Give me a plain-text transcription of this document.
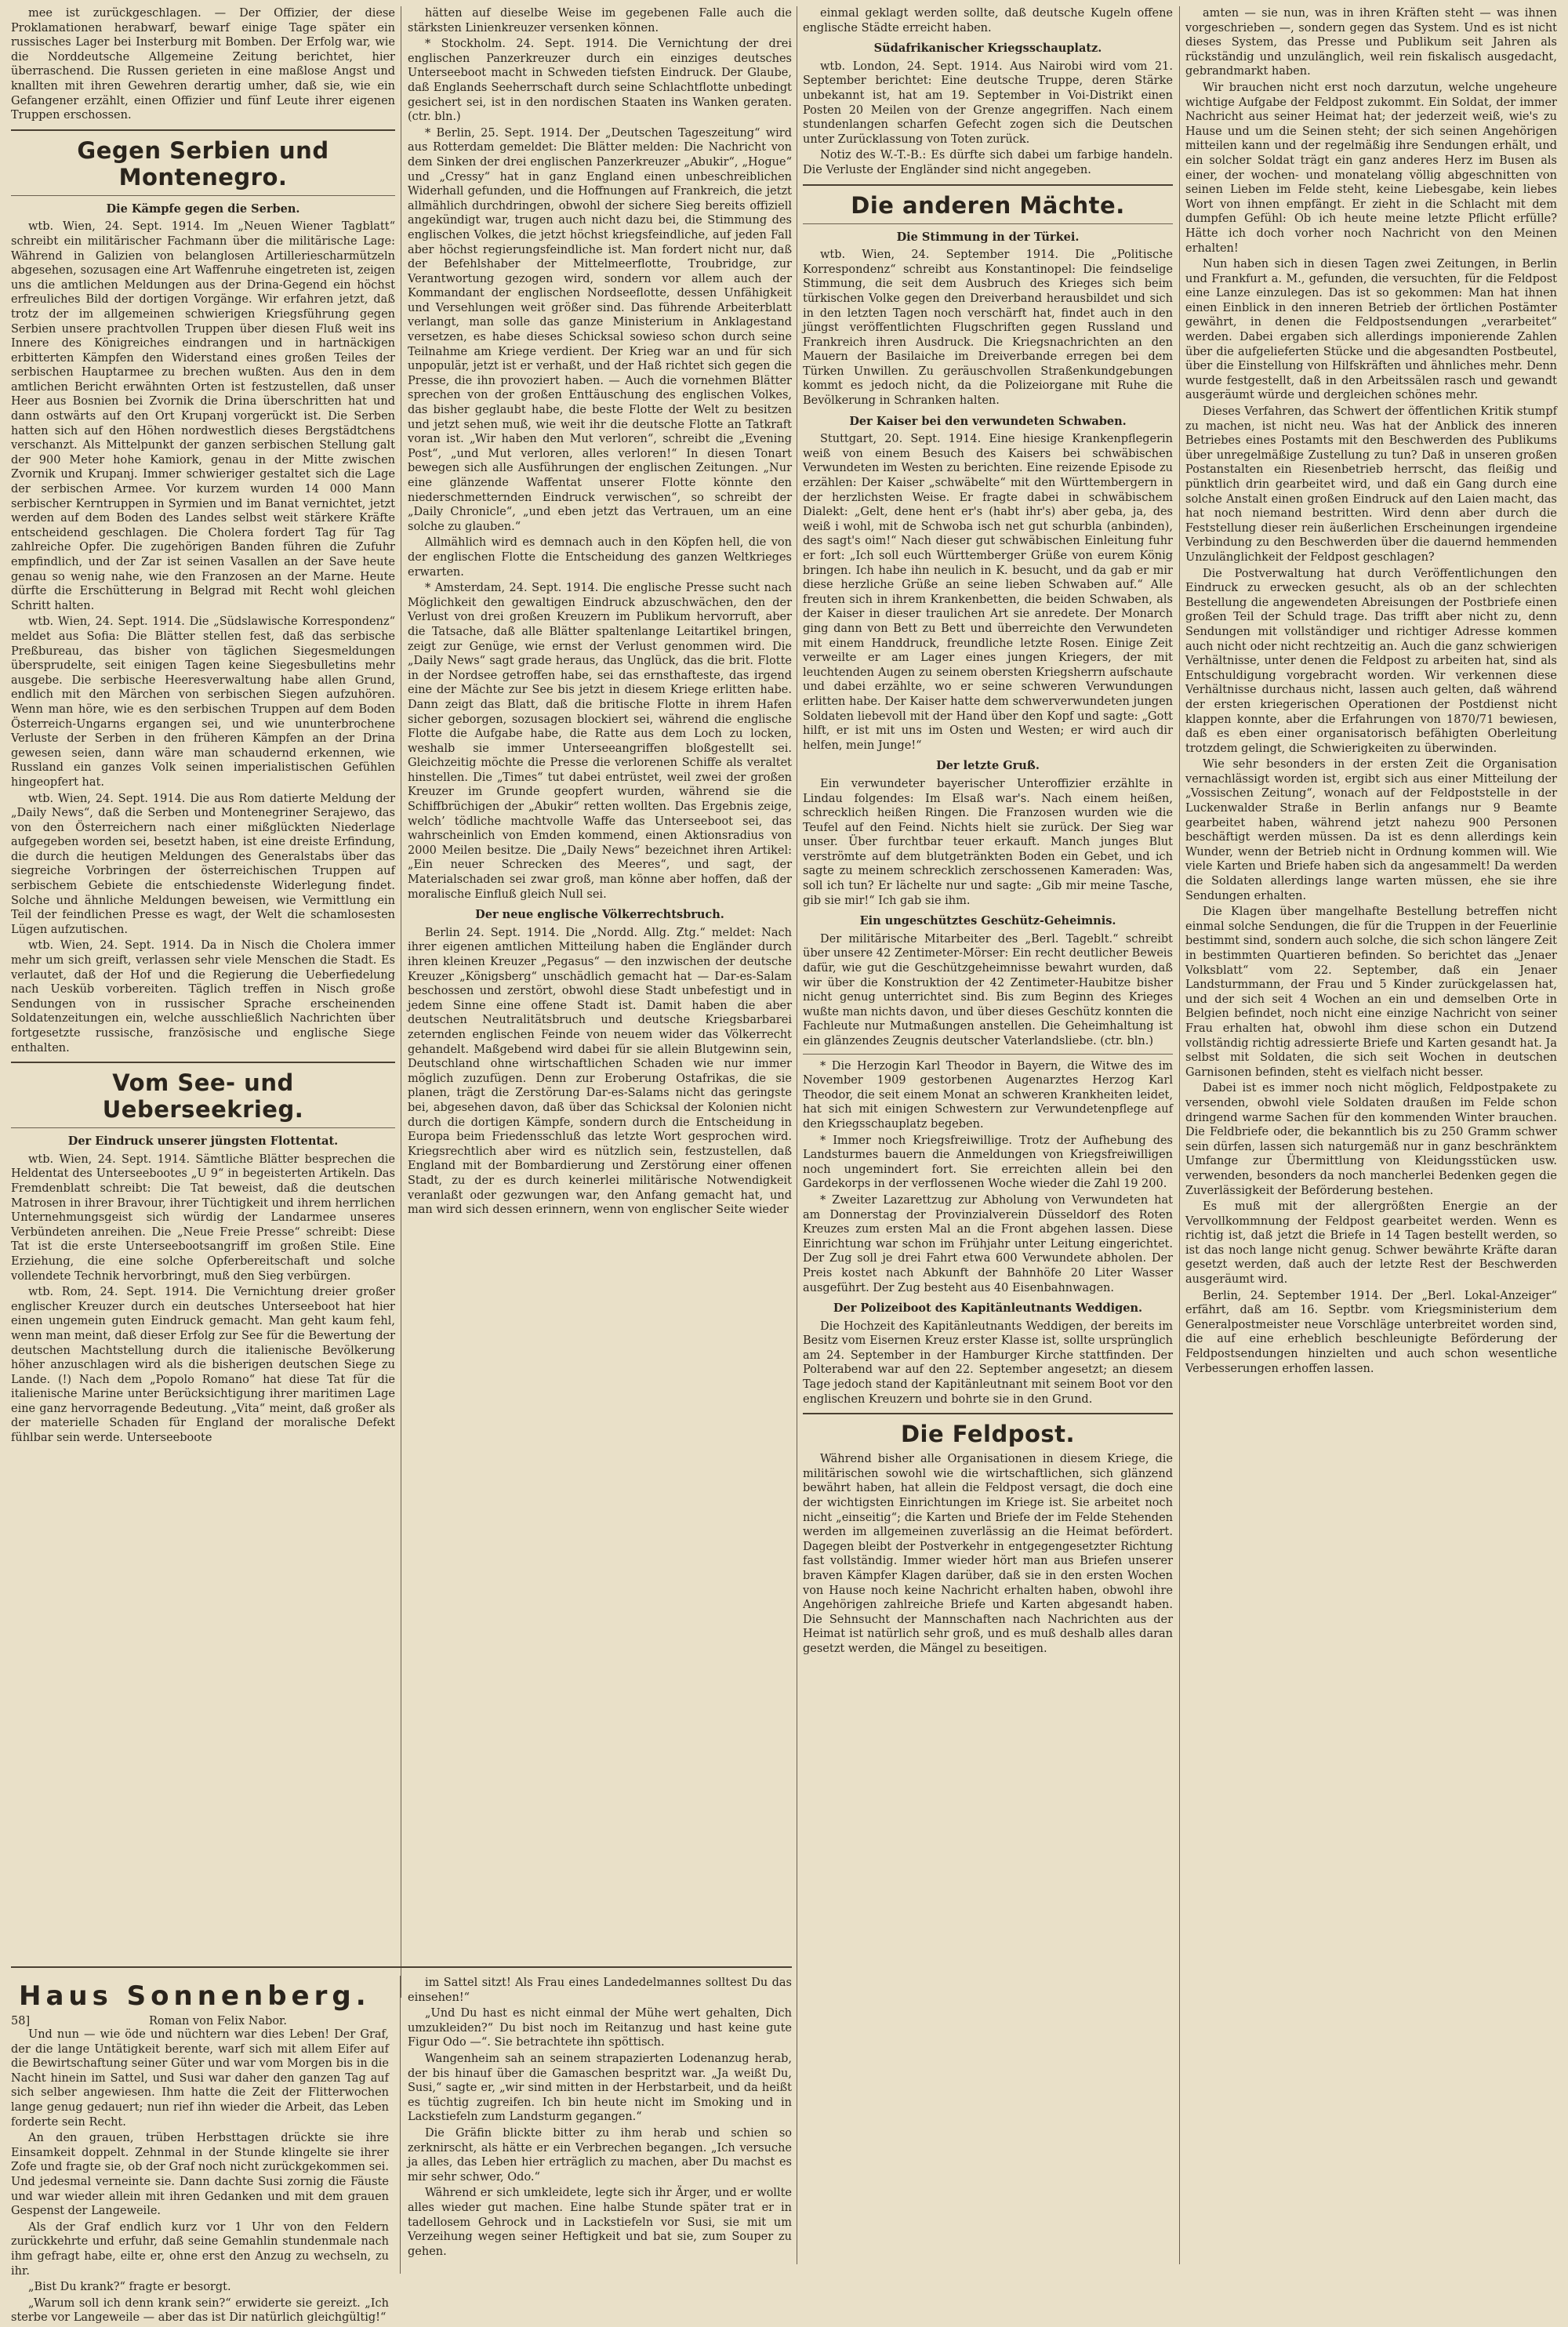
mee ist zurückgeschlagen. — Der Offizier, der diese Proklamationen herabwarf, bewarf einige Tage später ein russisches Lager bei Insterburg mit Bomben. Der Erfolg war, wie die Norddeutsche Allgemeine Zeitung berichtet, hier überraschend. Die Russen gerieten in eine maßlose Angst und knallten mit ihren Gewehren derartig umher, daß sie, wie ein Gefangener erzählt, einen Offizier und fünf Leute ihrer eigenen Truppen erschossen.

Gegen Serbien und Montenegro.
Die Kämpfe gegen die Serben.

wtb. Wien, 24. Sept. 1914. Im „Neuen Wiener Tagblatt“ schreibt ein militärischer Fachmann über die militärische Lage: Während in Galizien von belanglosen Artilleriescharmützeln abgesehen, sozusagen eine Art Waffenruhe eingetreten ist, zeigen uns die amtlichen Meldungen aus der Drina-Gegend ein höchst erfreuliches Bild der dortigen Vorgänge. Wir erfahren jetzt, daß trotz der im allgemeinen schwierigen Kriegsführung gegen Serbien unsere prachtvollen Truppen über diesen Fluß weit ins Innere des Königreiches eindrangen und in hartnäckigen erbitterten Kämpfen den Widerstand eines großen Teiles der serbischen Hauptarmee zu brechen wußten. Aus den in dem amtlichen Bericht erwähnten Orten ist festzustellen, daß unser Heer aus Bosnien bei Zvornik die Drina überschritten hat und dann ostwärts auf den Ort Krupanj vorgerückt ist. Die Serben hatten sich auf den Höhen nordwestlich dieses Bergstädtchens verschanzt. Als Mittelpunkt der ganzen serbischen Stellung galt der 900 Meter hohe Kamiork, genau in der Mitte zwischen Zvornik und Krupanj. Immer schwieriger gestaltet sich die Lage der serbischen Armee. Vor kurzem wurden 14 000 Mann serbischer Kerntruppen in Syrmien und im Banat vernichtet, jetzt werden auf dem Boden des Landes selbst weit stärkere Kräfte entscheidend geschlagen. Die Cholera fordert Tag für Tag zahlreiche Opfer. Die zugehörigen Banden führen die Zufuhr empfindlich, und der Zar ist seinen Vasallen an der Save heute genau so wenig nahe, wie den Franzosen an der Marne. Heute dürfte die Erschütterung in Belgrad mit Recht wohl gleichen Schritt halten.

wtb. Wien, 24. Sept. 1914. Die „Südslawische Korrespondenz“ meldet aus Sofia: Die Blätter stellen fest, daß das serbische Preßbureau, das bisher von täglichen Siegesmeldungen übersprudelte, seit einigen Tagen keine Siegesbulletins mehr ausgebe. Die serbische Heeresverwaltung habe allen Grund, endlich mit den Märchen von serbischen Siegen aufzuhören. Wenn man höre, wie es den serbischen Truppen auf dem Boden Österreich-Ungarns ergangen sei, und wie ununterbrochene Verluste der Serben in den früheren Kämpfen an der Drina gewesen seien, dann wäre man schaudernd erkennen, wie Russland ein ganzes Volk seinen imperialistischen Gefühlen hingeopfert hat.

wtb. Wien, 24. Sept. 1914. Die aus Rom datierte Meldung der „Daily News“, daß die Serben und Montenegriner Serajewo, das von den Österreichern nach einer mißglückten Niederlage aufgegeben worden sei, besetzt haben, ist eine dreiste Erfindung, die durch die heutigen Meldungen des Generalstabs über das siegreiche Vorbringen der österreichischen Truppen auf serbischem Gebiete die entschiedenste Widerlegung findet. Solche und ähnliche Meldungen beweisen, wie Vermittlung ein Teil der feindlichen Presse es wagt, der Welt die schamlosesten Lügen aufzutischen.

wtb. Wien, 24. Sept. 1914. Da in Nisch die Cholera immer mehr um sich greift, verlassen sehr viele Menschen die Stadt. Es verlautet, daß der Hof und die Regierung die Ueberfiedelung nach Uesküb vorbereiten. Täglich treffen in Nisch große Sendungen von in russischer Sprache erscheinenden Soldatenzeitungen ein, welche ausschließlich Nachrichten über fortgesetzte russische, französische und englische Siege enthalten.

Vom See- und Ueberseekrieg.
Der Eindruck unserer jüngsten Flottentat.

wtb. Wien, 24. Sept. 1914. Sämtliche Blätter besprechen die Heldentat des Unterseebootes „U 9“ in begeisterten Artikeln. Das Fremdenblatt schreibt: Die Tat beweist, daß die deutschen Matrosen in ihrer Bravour, ihrer Tüchtigkeit und ihrem herrlichen Unternehmungsgeist sich würdig der Landarmee unseres Verbündeten anreihen. Die „Neue Freie Presse“ schreibt: Diese Tat ist die erste Unterseebootsangriff im großen Stile. Eine Erziehung, die eine solche Opferbereitschaft und solche vollendete Technik hervorbringt, muß den Sieg verbürgen.

wtb. Rom, 24. Sept. 1914. Die Vernichtung dreier großer englischer Kreuzer durch ein deutsches Unterseeboot hat hier einen ungemein guten Eindruck gemacht. Man geht kaum fehl, wenn man meint, daß dieser Erfolg zur See für die Bewertung der deutschen Machtstellung durch die italienische Bevölkerung höher anzuschlagen wird als die bisherigen deutschen Siege zu Lande. (!) Nach dem „Popolo Romano“ hat diese Tat für die italienische Marine unter Berücksichtigung ihrer maritimen Lage eine ganz hervorragende Bedeutung. „Vita“ meint, daß großer als der materielle Schaden für England der moralische Defekt fühlbar sein werde. Unterseeboote

hätten auf dieselbe Weise im gegebenen Falle auch die stärksten Linienkreuzer versenken können.

* Stockholm. 24. Sept. 1914. Die Vernichtung der drei englischen Panzerkreuzer durch ein einziges deutsches Unterseeboot macht in Schweden tiefsten Eindruck. Der Glaube, daß Englands Seeherrschaft durch seine Schlachtflotte unbedingt gesichert sei, ist in den nordischen Staaten ins Wanken geraten. (ctr. bln.)

* Berlin, 25. Sept. 1914. Der „Deutschen Tageszeitung“ wird aus Rotterdam gemeldet: Die Blätter melden: Die Nachricht von dem Sinken der drei englischen Panzerkreuzer „Abukir“, „Hogue“ und „Cressy“ hat in ganz England einen unbeschreiblichen Widerhall gefunden, und die Hoffnungen auf Frankreich, die jetzt allmählich durchdringen, obwohl der sichere Sieg bereits offiziell angekündigt war, trugen auch nicht dazu bei, die Stimmung des englischen Volkes, die jetzt höchst kriegsfeindliche, auf jeden Fall aber höchst regierungsfeindliche ist. Man fordert nicht nur, daß der Befehlshaber der Mittelmeerflotte, Troubridge, zur Verantwortung gezogen wird, sondern vor allem auch der Kommandant der englischen Nordseeflotte, dessen Unfähigkeit und Versehlungen weit größer sind. Das führende Arbeiterblatt verlangt, man solle das ganze Ministerium in Anklagestand versetzen, es habe dieses Schicksal sowieso schon durch seine Teilnahme am Kriege verdient. Der Krieg war an und für sich unpopulär, jetzt ist er verhaßt, und der Haß richtet sich gegen die Presse, die ihn provoziert haben. — Auch die vornehmen Blätter sprechen von der großen Enttäuschung des englischen Volkes, das bisher geglaubt habe, die beste Flotte der Welt zu besitzen und jetzt sehen muß, wie weit ihr die deutsche Flotte an Tatkraft voran ist. „Wir haben den Mut verloren“, schreibt die „Evening Post“, „und Mut verloren, alles verloren!“ In diesen Tonart bewegen sich alle Ausführungen der englischen Zeitungen. „Nur eine glänzende Waffentat unserer Flotte könnte den niederschmetternden Eindruck verwischen“, so schreibt der „Daily Chronicle“, „und eben jetzt das Vertrauen, um an eine solche zu glauben.“

Allmählich wird es demnach auch in den Köpfen hell, die von der englischen Flotte die Entscheidung des ganzen Weltkrieges erwarten.

* Amsterdam, 24. Sept. 1914. Die englische Presse sucht nach Möglichkeit den gewaltigen Eindruck abzuschwächen, den der Verlust von drei großen Kreuzern im Publikum hervorruft, aber die Tatsache, daß alle Blätter spaltenlange Leitartikel bringen, zeigt zur Genüge, wie ernst der Verlust genommen wird. Die „Daily News“ sagt grade heraus, das Unglück, das die brit. Flotte in der Nordsee getroffen habe, sei das ernsthafteste, das irgend eine der Mächte zur See bis jetzt in diesem Kriege erlitten habe. Dann zeigt das Blatt, daß die britische Flotte in ihrem Hafen sicher geborgen, sozusagen blockiert sei, während die englische Flotte die Aufgabe habe, die Ratte aus dem Loch zu locken, weshalb sie immer Unterseeangriffen bloßgestellt sei. Gleichzeitig möchte die Presse die verlorenen Schiffe als veraltet hinstellen. Die „Times“ tut dabei entrüstet, weil zwei der großen Kreuzer im Grunde geopfert wurden, während sie die Schiffbrüchigen der „Abukir“ retten wollten. Das Ergebnis zeige, welch’ tödliche machtvolle Waffe das Unterseeboot sei, das wahrscheinlich von Emden kommend, einen Aktionsradius von 2000 Meilen besitze. Die „Daily News“ bezeichnet ihren Artikel: „Ein neuer Schrecken des Meeres“, und sagt, der Materialschaden sei zwar groß, man könne aber hoffen, daß der moralische Einfluß gleich Null sei.

Der neue englische Völkerrechtsbruch.

Berlin 24. Sept. 1914. Die „Nordd. Allg. Ztg.“ meldet: Nach ihrer eigenen amtlichen Mitteilung haben die Engländer durch ihren kleinen Kreuzer „Pegasus“ — den inzwischen der deutsche Kreuzer „Königsberg“ unschädlich gemacht hat — Dar-es-Salam beschossen und zerstört, obwohl diese Stadt unbefestigt und in jedem Sinne eine offene Stadt ist. Damit haben die aber deutschen Neutralitätsbruch und deutsche Kriegsbarbarei zeternden englischen Feinde von neuem wider das Völkerrecht gehandelt. Maßgebend wird dabei für sie allein Blutgewinn sein, Deutschland ohne wirtschaftlichen Schaden wie nur immer möglich zuzufügen. Denn zur Eroberung Ostafrikas, die sie planen, trägt die Zerstörung Dar-es-Salams nicht das geringste bei, abgesehen davon, daß über das Schicksal der Kolonien nicht durch die dortigen Kämpfe, sondern durch die Entscheidung in Europa beim Friedensschluß das letzte Wort gesprochen wird. Kriegsrechtlich aber wird es nützlich sein, festzustellen, daß England mit der Bombardierung und Zerstörung einer offenen Stadt, zu der es durch keinerlei militärische Notwendigkeit veranlaßt oder gezwungen war, den Anfang gemacht hat, und man wird sich dessen erinnern, wenn von englischer Seite wieder

einmal geklagt werden sollte, daß deutsche Kugeln offene englische Städte erreicht haben.

Südafrikanischer Kriegsschauplatz.

wtb. London, 24. Sept. 1914. Aus Nairobi wird vom 21. September berichtet: Eine deutsche Truppe, deren Stärke unbekannt ist, hat am 19. September in Voi-Distrikt einen Posten 20 Meilen von der Grenze angegriffen. Nach einem stundenlangen scharfen Gefecht zogen sich die Deutschen unter Zurücklassung von Toten zurück.

Notiz des W.-T.-B.: Es dürfte sich dabei um farbige handeln. Die Verluste der Engländer sind nicht angegeben.

Die anderen Mächte.
Die Stimmung in der Türkei.

wtb. Wien, 24. September 1914. Die „Politische Korrespondenz“ schreibt aus Konstantinopel: Die feindselige Stimmung, die seit dem Ausbruch des Krieges sich beim türkischen Volke gegen den Dreiverband herausbildet und sich in den letzten Tagen noch verschärft hat, findet auch in den jüngst veröffentlichten Flugschriften gegen Russland und Frankreich ihren Ausdruck. Die Kriegsnachrichten an den Mauern der Basilaiche im Dreiverbande erregen bei dem Türken Unwillen. Zu geräuschvollen Straßenkundgebungen kommt es jedoch nicht, da die Polizeiorgane mit Ruhe die Bevölkerung in Schranken halten.

Der Kaiser bei den verwundeten Schwaben.

Stuttgart, 20. Sept. 1914. Eine hiesige Krankenpflegerin weiß von einem Besuch des Kaisers bei schwäbischen Verwundeten im Westen zu berichten. Eine reizende Episode zu erzählen: Der Kaiser „schwäbelte“ mit den Württembergern in der herzlichsten Weise. Er fragte dabei in schwäbischem Dialekt: „Gelt, dene hent er's (habt ihr's) aber geba, ja, des weiß i wohl, mit de Schwoba isch net gut schurbla (anbinden), des sagt's oim!“ Nach dieser gut schwäbischen Einleitung fuhr er fort: „Ich soll euch Württemberger Grüße von eurem König bringen. Ich habe ihn neulich in K. besucht, und da gab er mir diese herzliche Grüße an seine lieben Schwaben auf.“ Alle freuten sich in ihrem Krankenbetten, die beiden Schwaben, als der Kaiser in dieser traulichen Art sie anredete. Der Monarch ging dann von Bett zu Bett und überreichte den Verwundeten mit einem Handdruck, freundliche letzte Rosen. Einige Zeit verweilte er am Lager eines jungen Kriegers, der mit leuchtenden Augen zu seinem obersten Kriegsherrn aufschaute und dabei erzählte, wo er seine schweren Verwundungen erlitten habe. Der Kaiser hatte dem schwerverwundeten jungen Soldaten liebevoll mit der Hand über den Kopf und sagte: „Gott hilft, er ist mit uns im Osten und Westen; er wird auch dir helfen, mein Junge!“

Der letzte Gruß.

Ein verwundeter bayerischer Unteroffizier erzählte in Lindau folgendes: Im Elsaß war's. Nach einem heißen, schrecklich heißen Ringen. Die Franzosen wurden wie die Teufel auf den Feind. Nichts hielt sie zurück. Der Sieg war unser. Über furchtbar teuer erkauft. Manch junges Blut verströmte auf dem blutgetränkten Boden ein Gebet, und ich sagte zu meinem schrecklich zerschossenen Kameraden: Was, soll ich tun? Er lächelte nur und sagte: „Gib mir meine Tasche, gib sie mir!“ Ich gab sie ihm.

Ein ungeschütztes Geschütz-Geheimnis.

Der militärische Mitarbeiter des „Berl. Tageblt.“ schreibt über unsere 42 Zentimeter-Mörser: Ein recht deutlicher Beweis dafür, wie gut die Geschützgeheimnisse bewahrt wurden, daß wir über die Konstruktion der 42 Zentimeter-Haubitze bisher nicht genug unterrichtet sind. Bis zum Beginn des Krieges wußte man nichts davon, und über dieses Geschütz konnten die Fachleute nur Mutmaßungen anstellen. Die Geheimhaltung ist ein glänzendes Zeugnis deutscher Vaterlandsliebe. (ctr. bln.)

* Die Herzogin Karl Theodor in Bayern, die Witwe des im November 1909 gestorbenen Augenarztes Herzog Karl Theodor, die seit einem Monat an schweren Krankheiten leidet, hat sich mit einigen Schwestern zur Verwundetenpflege auf den Kriegsschauplatz begeben.

* Immer noch Kriegsfreiwillige. Trotz der Aufhebung des Landsturmes bauern die Anmeldungen von Kriegsfreiwilligen noch ungemindert fort. Sie erreichten allein bei den Gardekorps in der verflossenen Woche wieder die Zahl 19 200.

* Zweiter Lazarettzug zur Abholung von Verwundeten hat am Donnerstag der Provinzialverein Düsseldorf des Roten Kreuzes zum ersten Mal an die Front abgehen lassen. Diese Einrichtung war schon im Frühjahr unter Leitung eingerichtet. Der Zug soll je drei Fahrt etwa 600 Verwundete abholen. Der Preis kostet nach Abkunft der Bahnhöfe 20 Liter Wasser ausgeführt. Der Zug besteht aus 40 Eisenbahnwagen.

Der Polizeiboot des Kapitänleutnants Weddigen.

Die Hochzeit des Kapitänleutnants Weddigen, der bereits im Besitz vom Eisernen Kreuz erster Klasse ist, sollte ursprünglich am 24. September in der Hamburger Kirche stattfinden. Der Polterabend war auf den 22. September angesetzt; an diesem Tage jedoch stand der Kapitänleutnant mit seinem Boot vor den englischen Kreuzern und bohrte sie in den Grund.

Die Feldpost.

Während bisher alle Organisationen in diesem Kriege, die militärischen sowohl wie die wirtschaftlichen, sich glänzend bewährt haben, hat allein die Feldpost versagt, die doch eine der wichtigsten Einrichtungen im Kriege ist. Sie arbeitet noch nicht „einseitig“; die Karten und Briefe der im Felde Stehenden werden im allgemeinen zuverlässig an die Heimat befördert. Dagegen bleibt der Postverkehr in entgegengesetzter Richtung fast vollständig. Immer wieder hört man aus Briefen unserer braven Kämpfer Klagen darüber, daß sie in den ersten Wochen von Hause noch keine Nachricht erhalten haben, obwohl ihre Angehörigen zahlreiche Briefe und Karten abgesandt haben. Die Sehnsucht der Mannschaften nach Nachrichten aus der Heimat ist natürlich sehr groß, und es muß deshalb alles daran gesetzt werden, die Mängel zu beseitigen.

amten — sie nun, was in ihren Kräften steht — was ihnen vorgeschrieben —, sondern gegen das System. Und es ist nicht dieses System, das Presse und Publikum seit Jahren als rückständig und unzulänglich, weil rein fiskalisch ausgedacht, gebrandmarkt haben.

Wir brauchen nicht erst noch darzutun, welche ungeheure wichtige Aufgabe der Feldpost zukommt. Ein Soldat, der immer Nachricht aus seiner Heimat hat; der jederzeit weiß, wie's zu Hause und um die Seinen steht; der sich seinen Angehörigen mitteilen kann und der regelmäßig ihre Sendungen erhält, und ein solcher Soldat trägt ein ganz anderes Herz im Busen als einer, der wochen- und monatelang völlig abgeschnitten von seinen Lieben im Felde steht, keine Liebesgabe, kein liebes Wort von ihnen empfängt. Er zieht in die Schlacht mit dem dumpfen Gefühl: Ob ich heute meine letzte Pflicht erfülle? Hätte ich doch vorher noch Nachricht von den Meinen erhalten!

Nun haben sich in diesen Tagen zwei Zeitungen, in Berlin und Frankfurt a. M., gefunden, die versuchten, für die Feldpost eine Lanze einzulegen. Das ist so gekommen: Man hat ihnen einen Einblick in den inneren Betrieb der örtlichen Postämter gewährt, in denen die Feldpostsendungen „verarbeitet“ werden. Dabei ergaben sich allerdings imponierende Zahlen über die aufgelieferten Stücke und die abgesandten Postbeutel, über die Einstellung von Hilfskräften und ähnliches mehr. Denn wurde festgestellt, daß in den Arbeitssälen rasch und gewandt ausgeräumt würde und dergleichen schönes mehr.

Dieses Verfahren, das Schwert der öffentlichen Kritik stumpf zu machen, ist nicht neu. Was hat der Anblick des inneren Betriebes eines Postamts mit den Beschwerden des Publikums über unregelmäßige Zustellung zu tun? Daß in unseren großen Postanstalten ein Riesenbetrieb herrscht, das fleißig und pünktlich drin gearbeitet wird, und daß ein Gang durch eine solche Anstalt einen großen Eindruck auf den Laien macht, das hat noch niemand bestritten. Wird denn aber durch die Feststellung dieser rein äußerlichen Erscheinungen irgendeine Verbindung zu den Beschwerden über die dauernd hemmenden Unzulänglichkeit der Feldpost geschlagen?

Die Postverwaltung hat durch Veröffentlichungen den Eindruck zu erwecken gesucht, als ob an der schlechten Bestellung die angewendeten Abreisungen der Postbriefe einen großen Teil der Schuld trage. Das trifft aber nicht zu, denn Sendungen mit vollständiger und richtiger Adresse kommen auch nicht oder nicht rechtzeitig an. Auch die ganz schwierigen Verhältnisse, unter denen die Feldpost zu arbeiten hat, sind als Entschuldigung vorgebracht worden. Wir verkennen diese Verhältnisse durchaus nicht, lassen auch gelten, daß während der ersten kriegerischen Operationen der Postdienst nicht klappen konnte, aber die Erfahrungen von 1870/71 bewiesen, daß es eben einer organisatorisch befähigten Oberleitung trotzdem gelingt, die Schwierigkeiten zu überwinden.

Wie sehr besonders in der ersten Zeit die Organisation vernachlässigt worden ist, ergibt sich aus einer Mitteilung der „Vossischen Zeitung“, wonach auf der Feldpoststelle in der Luckenwalder Straße in Berlin anfangs nur 9 Beamte gearbeitet haben, während jetzt nahezu 900 Personen beschäftigt werden müssen. Da ist es denn allerdings kein Wunder, wenn der Betrieb nicht in Ordnung kommen will. Wie viele Karten und Briefe haben sich da angesammelt! Da werden die Soldaten allerdings lange warten müssen, ehe sie ihre Sendungen erhalten.

Die Klagen über mangelhafte Bestellung betreffen nicht einmal solche Sendungen, die für die Truppen in der Feuerlinie bestimmt sind, sondern auch solche, die sich schon längere Zeit in bestimmten Quartieren befinden. So berichtet das „Jenaer Volksblatt“ vom 22. September, daß ein Jenaer Landsturmmann, der Frau und 5 Kinder zurückgelassen hat, und der sich seit 4 Wochen an ein und demselben Orte in Belgien befindet, noch nicht eine einzige Nachricht von seiner Frau erhalten hat, obwohl ihm diese schon ein Dutzend vollständig richtig adressierte Briefe und Karten gesandt hat. Ja selbst mit Soldaten, die sich seit Wochen in deutschen Garnisonen befinden, steht es vielfach nicht besser.

Dabei ist es immer noch nicht möglich, Feldpostpakete zu versenden, obwohl viele Soldaten draußen im Felde schon dringend warme Sachen für den kommenden Winter brauchen. Die Feldbriefe oder, die bekanntlich bis zu 250 Gramm schwer sein dürfen, lassen sich naturgemäß nur in ganz beschränktem Umfange zur Übermittlung von Kleidungsstücken usw. verwenden, besonders da noch mancherlei Bedenken gegen die Zuverlässigkeit der Beförderung bestehen.

Es muß mit der allergrößten Energie an der Vervollkommnung der Feldpost gearbeitet werden. Wenn es richtig ist, daß jetzt die Briefe in 14 Tagen bestellt werden, so ist das noch lange nicht genug. Schwer bewährte Kräfte daran gesetzt werden, daß auch der letzte Rest der Beschwerden ausgeräumt wird.

Berlin, 24. September 1914. Der „Berl. Lokal-Anzeiger“ erfährt, daß am 16. Septbr. vom Kriegsministerium dem Generalpostmeister neue Vorschläge unterbreitet worden sind, die auf eine erheblich beschleunigte Beförderung der Feldpostsendungen hinzielten und auch schon wesentliche Verbesserungen erhoffen lassen.

Haus Sonnenberg.
58]	Roman von Felix Nabor.

Und nun — wie öde und nüchtern war dies Leben! Der Graf, der die lange Untätigkeit berente, warf sich mit allem Eifer auf die Bewirtschaftung seiner Güter und war vom Morgen bis in die Nacht hinein im Sattel, und Susi war daher den ganzen Tag auf sich selber angewiesen. Ihm hatte die Zeit der Flitterwochen lange genug gedauert; nun rief ihn wieder die Arbeit, das Leben forderte sein Recht.

An den grauen, trüben Herbsttagen drückte sie ihre Einsamkeit doppelt. Zehnmal in der Stunde klingelte sie ihrer Zofe und fragte sie, ob der Graf noch nicht zurückgekommen sei. Und jedesmal verneinte sie. Dann dachte Susi zornig die Fäuste und war wieder allein mit ihren Gedanken und mit dem grauen Gespenst der Langeweile.

Als der Graf endlich kurz vor 1 Uhr von den Feldern zurückkehrte und erfuhr, daß seine Gemahlin stundenmale nach ihm gefragt habe, eilte er, ohne erst den Anzug zu wechseln, zu ihr.

„Bist Du krank?“ fragte er besorgt.

„Warum soll ich denn krank sein?“ erwiderte sie gereizt. „Ich sterbe vor Langeweile — aber das ist Dir natürlich gleichgültig!“

im Sattel sitzt! Als Frau eines Landedelmannes solltest Du das einsehen!“

„Und Du hast es nicht einmal der Mühe wert gehalten, Dich umzukleiden?“ Du bist noch im Reitanzug und hast keine gute Figur Odo —“. Sie betrachtete ihn spöttisch.

Wangenheim sah an seinem strapazierten Lodenanzug herab, der bis hinauf über die Gamaschen bespritzt war. „Ja weißt Du, Susi,“ sagte er, „wir sind mitten in der Herbstarbeit, und da heißt es tüchtig zugreifen. Ich bin heute nicht im Smoking und in Lackstiefeln zum Landsturm gegangen.“

Die Gräfin blickte bitter zu ihm herab und schien so zerknirscht, als hätte er ein Verbrechen begangen. „Ich versuche ja alles, das Leben hier erträglich zu machen, aber Du machst es mir sehr schwer, Odo.“

Während er sich umkleidete, legte sich ihr Ärger, und er wollte alles wieder gut machen. Eine halbe Stunde später trat er in tadellosem Gehrock und in Lackstiefeln vor Susi, sie mit um Verzeihung wegen seiner Heftigkeit und bat sie, zum Souper zu gehen.
